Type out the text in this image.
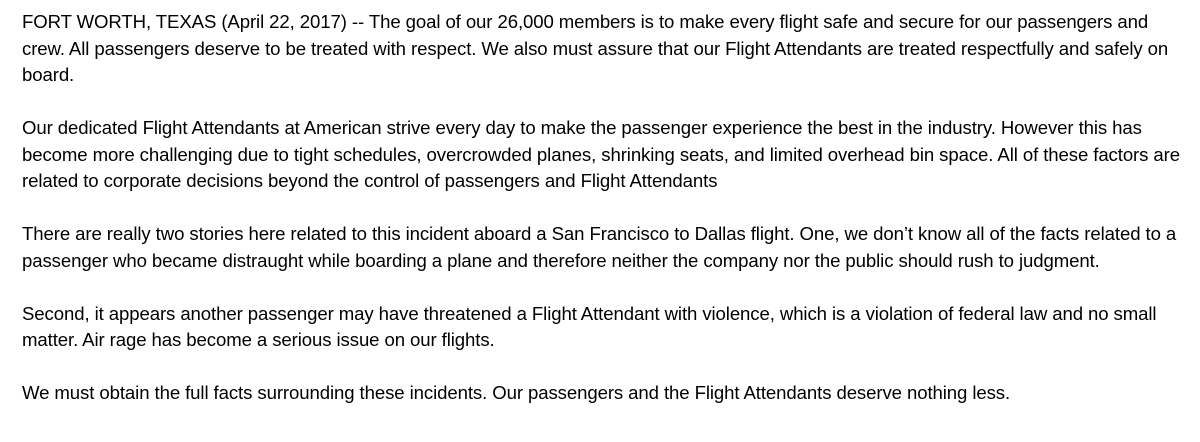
FORT WORTH, TEXAS (April 22, 2017) -- The goal of our 26,000 members is to make every flight safe and secure for our passengers and crew. All passengers deserve to be treated with respect. We also must assure that our Flight Attendants are treated respectfully and safely on board.

Our dedicated Flight Attendants at American strive every day to make the passenger experience the best in the industry. However this has become more challenging due to tight schedules, overcrowded planes, shrinking seats, and limited overhead bin space. All of these factors are related to corporate decisions beyond the control of passengers and Flight Attendants

There are really two stories here related to this incident aboard a San Francisco to Dallas flight. One, we don’t know all of the facts related to a passenger who became distraught while boarding a plane and therefore neither the company nor the public should rush to judgment.

Second, it appears another passenger may have threatened a Flight Attendant with violence, which is a violation of federal law and no small matter. Air rage has become a serious issue on our flights.

We must obtain the full facts surrounding these incidents. Our passengers and the Flight Attendants deserve nothing less.
